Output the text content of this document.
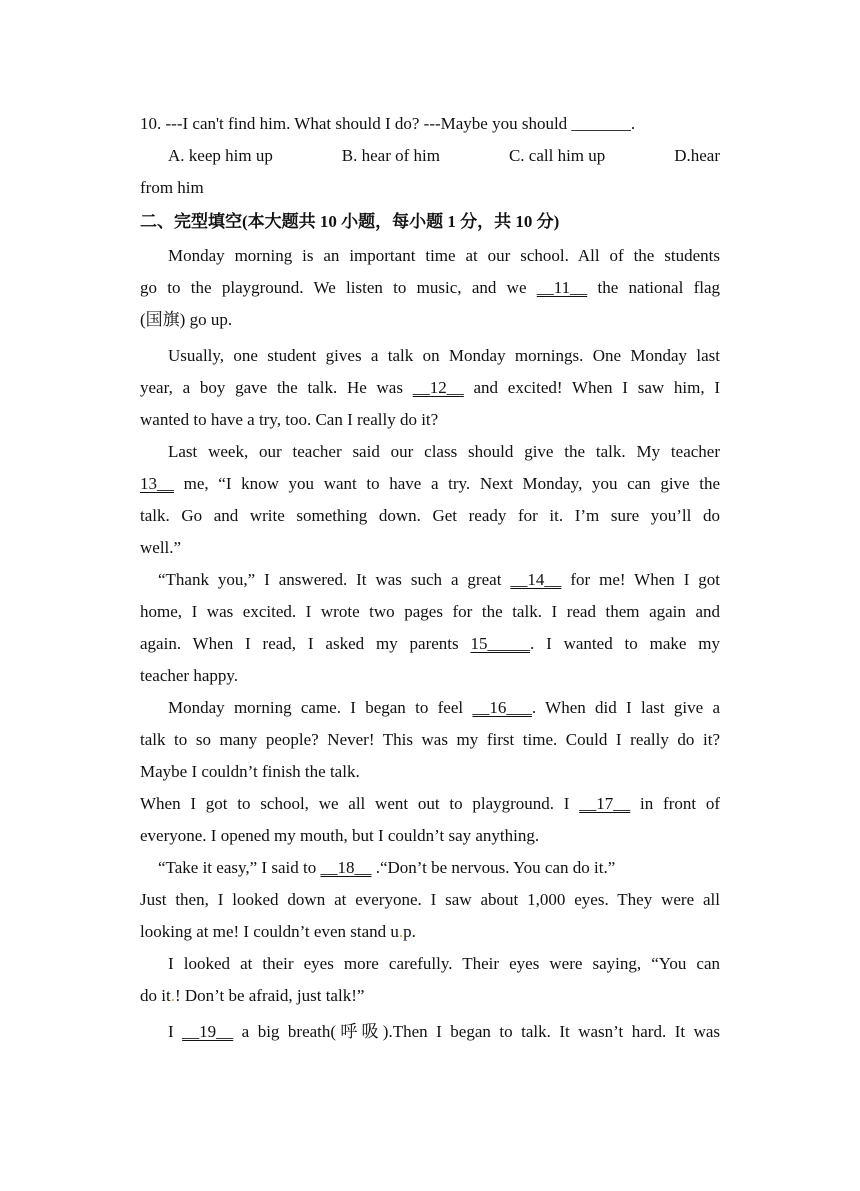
10. ---I can't find him. What should I do? ---Maybe you should _______.
A. keep him up	B. hear of him	C. call him up	D.hear
from him
二、完型填空(本大题共 10 小题，每小题 1 分，共 10 分)
Monday morning is an important time at our school. All of the students
go to the playground. We listen to music, and we __11__ the national flag
(国旗) go up.
Usually, one student gives a talk on Monday mornings. One Monday last
year, a boy gave the talk. He was __12__ and excited! When I saw him, I
wanted to have a try, too. Can I really do it?
Last week, our teacher said our class should give the talk. My teacher
13__ me, “I know you want to have a try. Next Monday, you can give the
talk. Go and write something down. Get ready for it. I’m sure you’ll do
well.”
“Thank you,” I answered. It was such a great __14__ for me! When I got
home, I was excited. I wrote two pages for the talk. I read them again and
again. When I read, I asked my parents 15_____. I wanted to make my
teacher happy.
Monday morning came. I began to feel __16___. When did I last give a
talk to so many people? Never! This was my first time. Could I really do it?
Maybe I couldn’t finish the talk.
When I got to school, we all went out to playground. I __17__ in front of
everyone. I opened my mouth, but I couldn’t say anything.
“Take it easy,” I said to __18__ .“Don’t be nervous. You can do it.”
Just then, I looked down at everyone. I saw about 1,000 eyes. They were all
looking at me! I couldn’t even stand u.p.
I looked at their eyes more carefully. Their eyes were saying, “You can
do it.! Don’t be afraid, just talk!”
I __19__ a big breath(呼吸).Then I began to talk. It wasn’t hard. It was
